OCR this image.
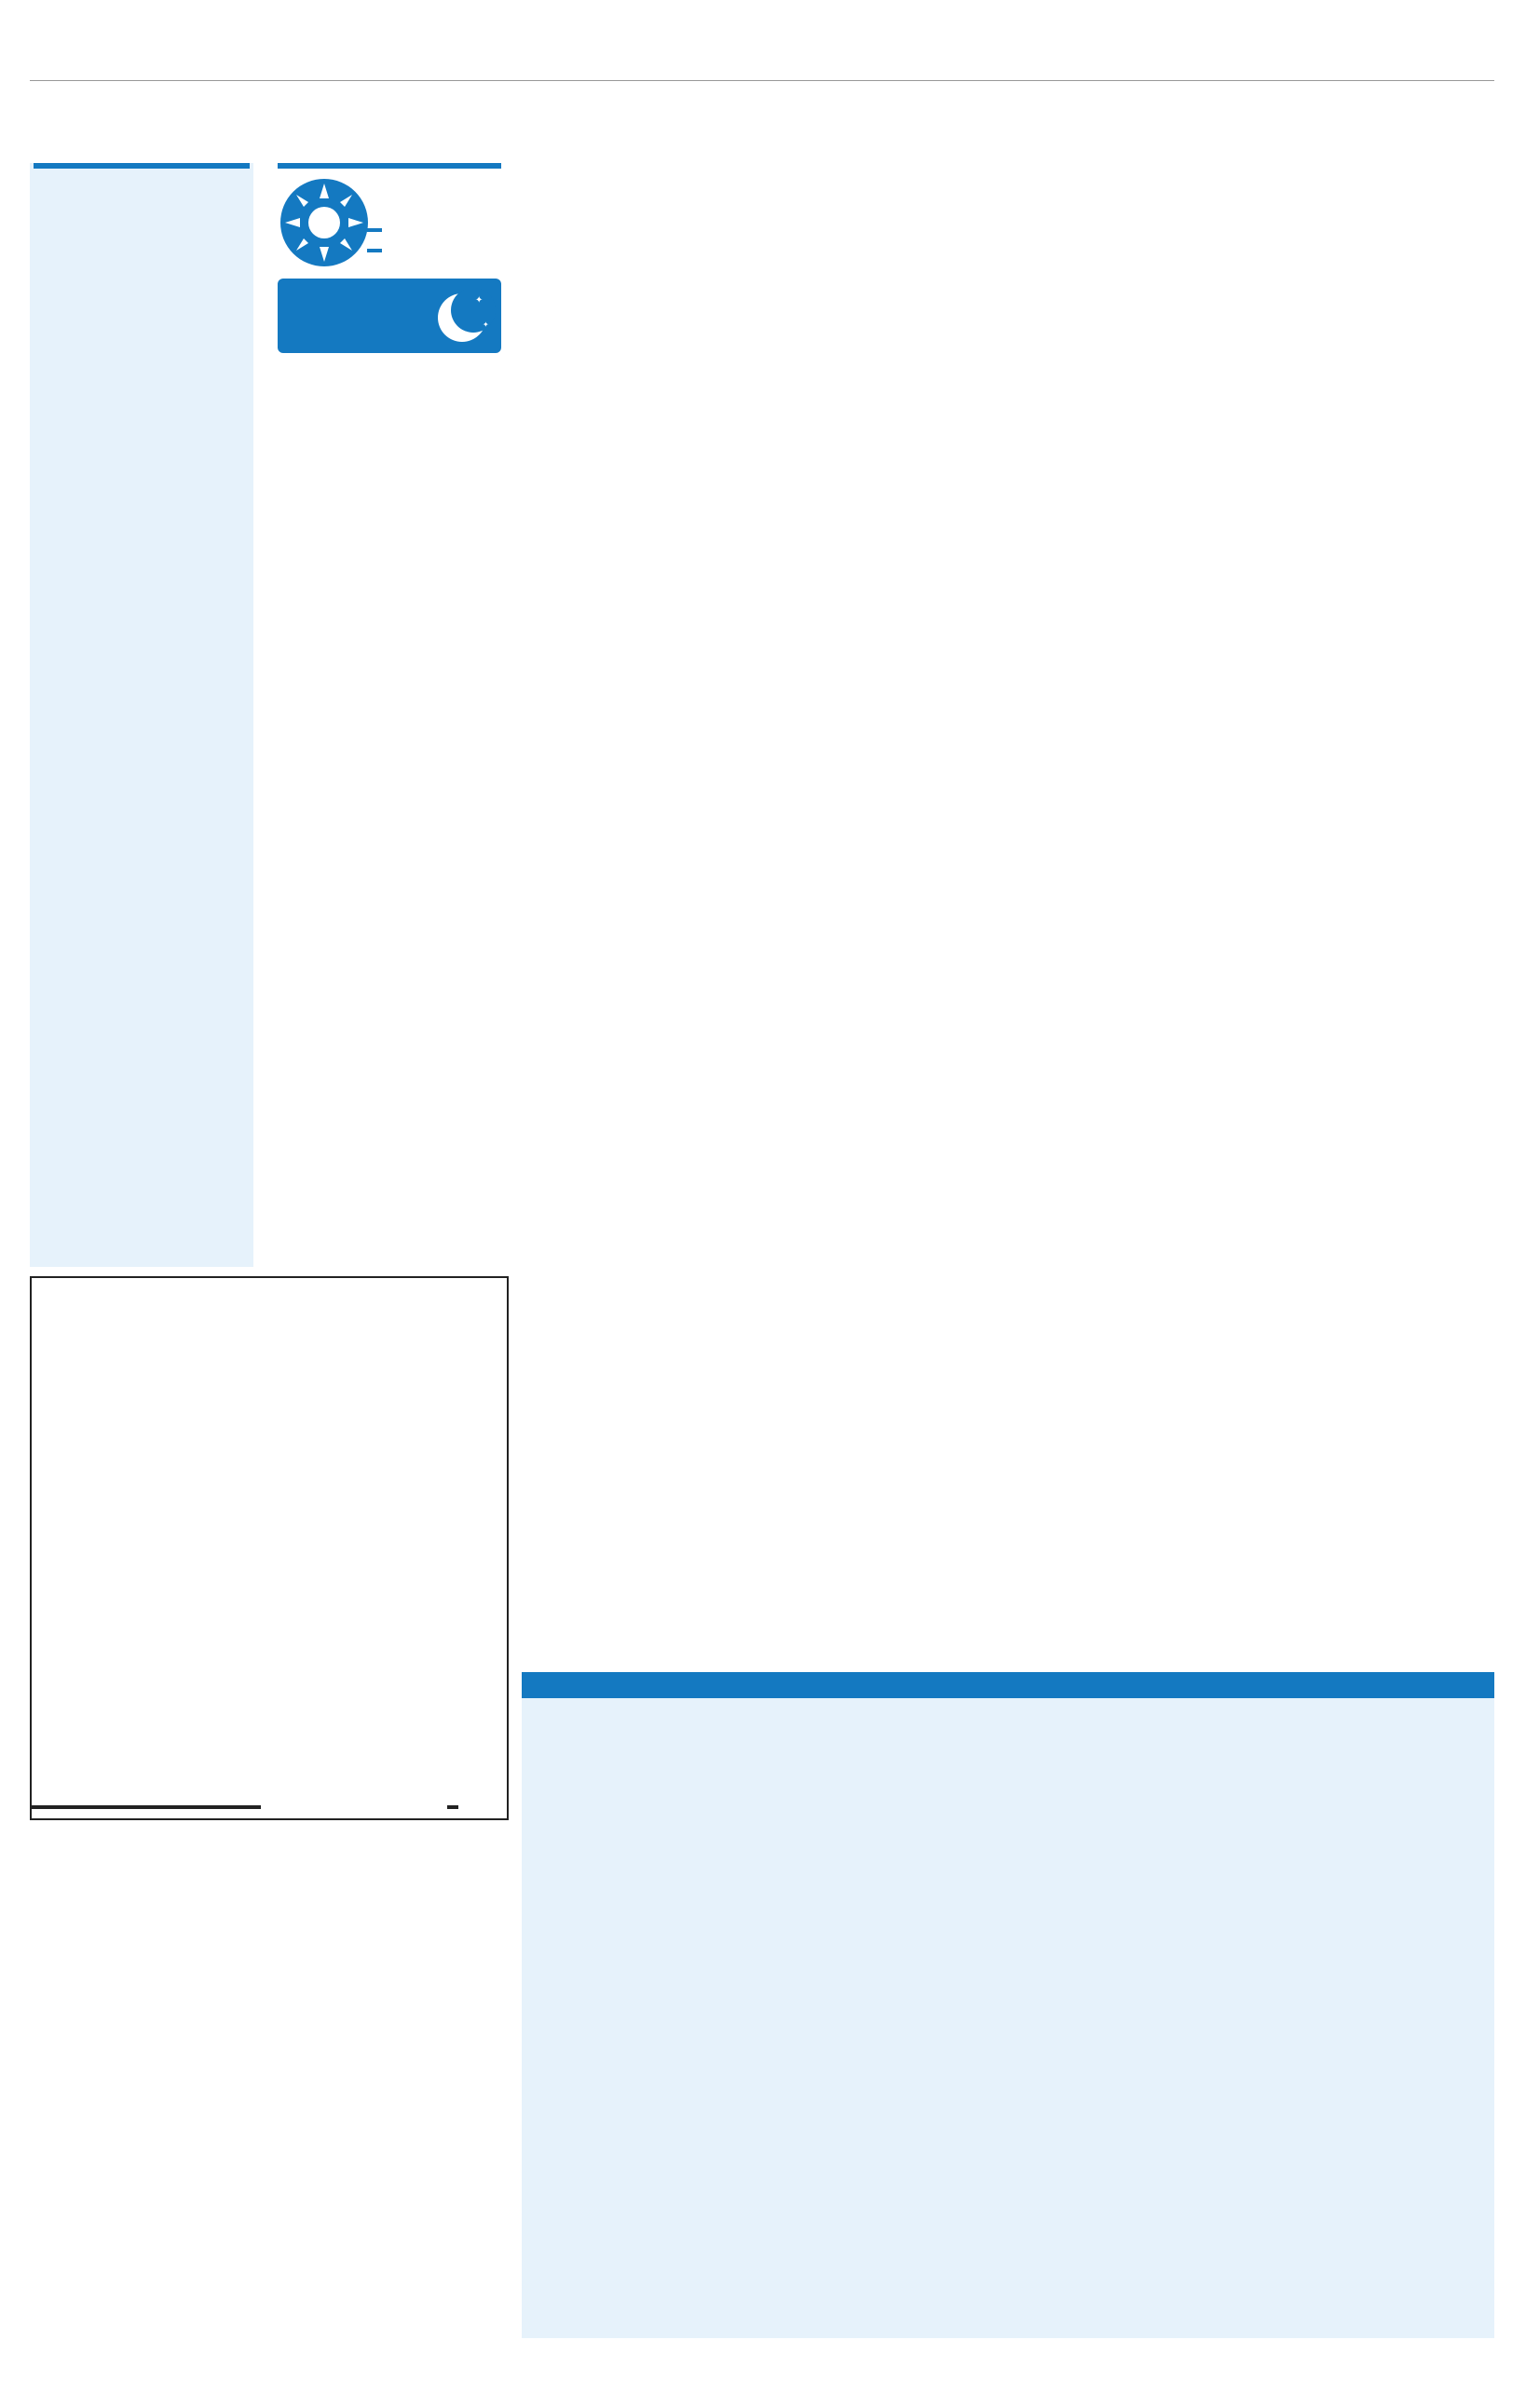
✦
✦
